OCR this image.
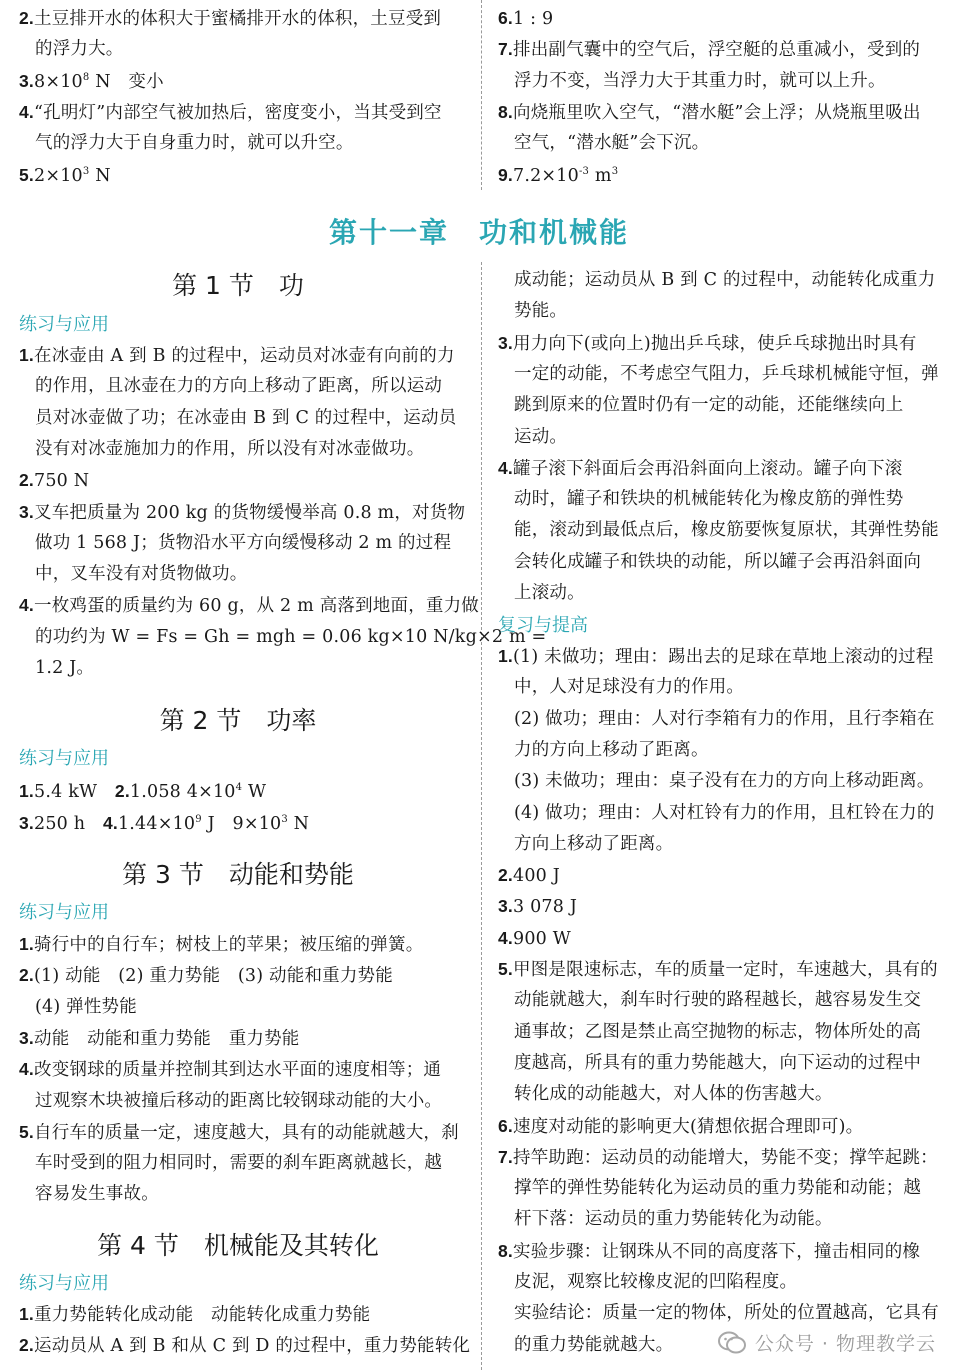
第十一章　功和机械能
2.土豆排开水的体积大于蜜橘排开水的体积，土豆受到
的浮力大。
$3.8\times 10^8$ N　变小
4.“孔明灯”内部空气被加热后，密度变小，当其受到空
气的浮力大于自身重力时，就可以升空。
$5.2\times 10^3$ N
6.1 : 9
7.排出副气囊中的空气后，浮空艇的总重减小，受到的
浮力不变，当浮力大于其重力时，就可以上升。
8.向烧瓶里吹入空气，“潜水艇”会上浮；从烧瓶里吸出
空气，“潜水艇”会下沉。
$9.7.2\times 10^{-3}$ $m^3$
第 1 节　功
练习与应用
1.在冰壶由 A 到 B 的过程中，运动员对冰壶有向前的力
的作用，且冰壶在力的方向上移动了距离，所以运动
员对冰壶做了功；在冰壶由 B 到 C 的过程中，运动员
没有对冰壶施加力的作用，所以没有对冰壶做功。
2.750 N
3.叉车把质量为 200 kg 的货物缓慢举高 0.8 m，对货物
做功 1 568 J；货物沿水平方向缓慢移动 2 m 的过程
中，叉车没有对货物做功。
4.一枚鸡蛋的质量约为 60 g，从 2 m 高落到地面，重力做
的功约为 W = Fs = Gh = mgh = 0.06 kg×10 N/kg×2 m =
1.2 J。
第 2 节　功率
练习与应用
1.5.4 kW　 2.1.058 $4\times 10^4$ W
3.250 h　 $4.1.44\times 10^9$ J　$9\times 10^3$ N
第 3 节　动能和势能
练习与应用
1.骑行中的自行车；树枝上的苹果；被压缩的弹簧。
2.(1) 动能　(2) 重力势能　(3) 动能和重力势能
(4) 弹性势能
3.动能　动能和重力势能　重力势能
4.改变钢球的质量并控制其到达水平面的速度相等；通
过观察木块被撞后移动的距离比较钢球动能的大小。
5.自行车的质量一定，速度越大，具有的动能就越大，刹
车时受到的阻力相同时，需要的刹车距离就越长，越
容易发生事故。
第 4 节　机械能及其转化
练习与应用
1.重力势能转化成动能　动能转化成重力势能
2.运动员从 A 到 B 和从 C 到 D 的过程中，重力势能转化
成动能；运动员从 B 到 C 的过程中，动能转化成重力
势能。
3.用力向下(或向上)抛出乒乓球，使乒乓球抛出时具有
一定的动能，不考虑空气阻力，乒乓球机械能守恒，弹
跳到原来的位置时仍有一定的动能，还能继续向上
运动。
4.罐子滚下斜面后会再沿斜面向上滚动。罐子向下滚
动时，罐子和铁块的机械能转化为橡皮筋的弹性势
能，滚动到最低点后，橡皮筋要恢复原状，其弹性势能
会转化成罐子和铁块的动能，所以罐子会再沿斜面向
上滚动。
复习与提高
1.(1) 未做功；理由：踢出去的足球在草地上滚动的过程
中，人对足球没有力的作用。
(2) 做功；理由：人对行李箱有力的作用，且行李箱在
力的方向上移动了距离。
(3) 未做功；理由：桌子没有在力的方向上移动距离。
(4) 做功；理由：人对杠铃有力的作用，且杠铃在力的
方向上移动了距离。
2.400 J
3.3 078 J
4.900 W
5.甲图是限速标志，车的质量一定时，车速越大，具有的
动能就越大，刹车时行驶的路程越长，越容易发生交
通事故；乙图是禁止高空抛物的标志，物体所处的高
度越高，所具有的重力势能越大，向下运动的过程中
转化成的动能越大，对人体的伤害越大。
6.速度对动能的影响更大(猜想依据合理即可)。
7.持竿助跑：运动员的动能增大，势能不变；撑竿起跳：
撑竿的弹性势能转化为运动员的重力势能和动能；越
杆下落：运动员的重力势能转化为动能。
8.实验步骤：让钢珠从不同的高度落下，撞击相同的橡
皮泥，观察比较橡皮泥的凹陷程度。
实验结论：质量一定的物体，所处的位置越高，它具有
的重力势能就越大。	公众号 · 物理教学云
